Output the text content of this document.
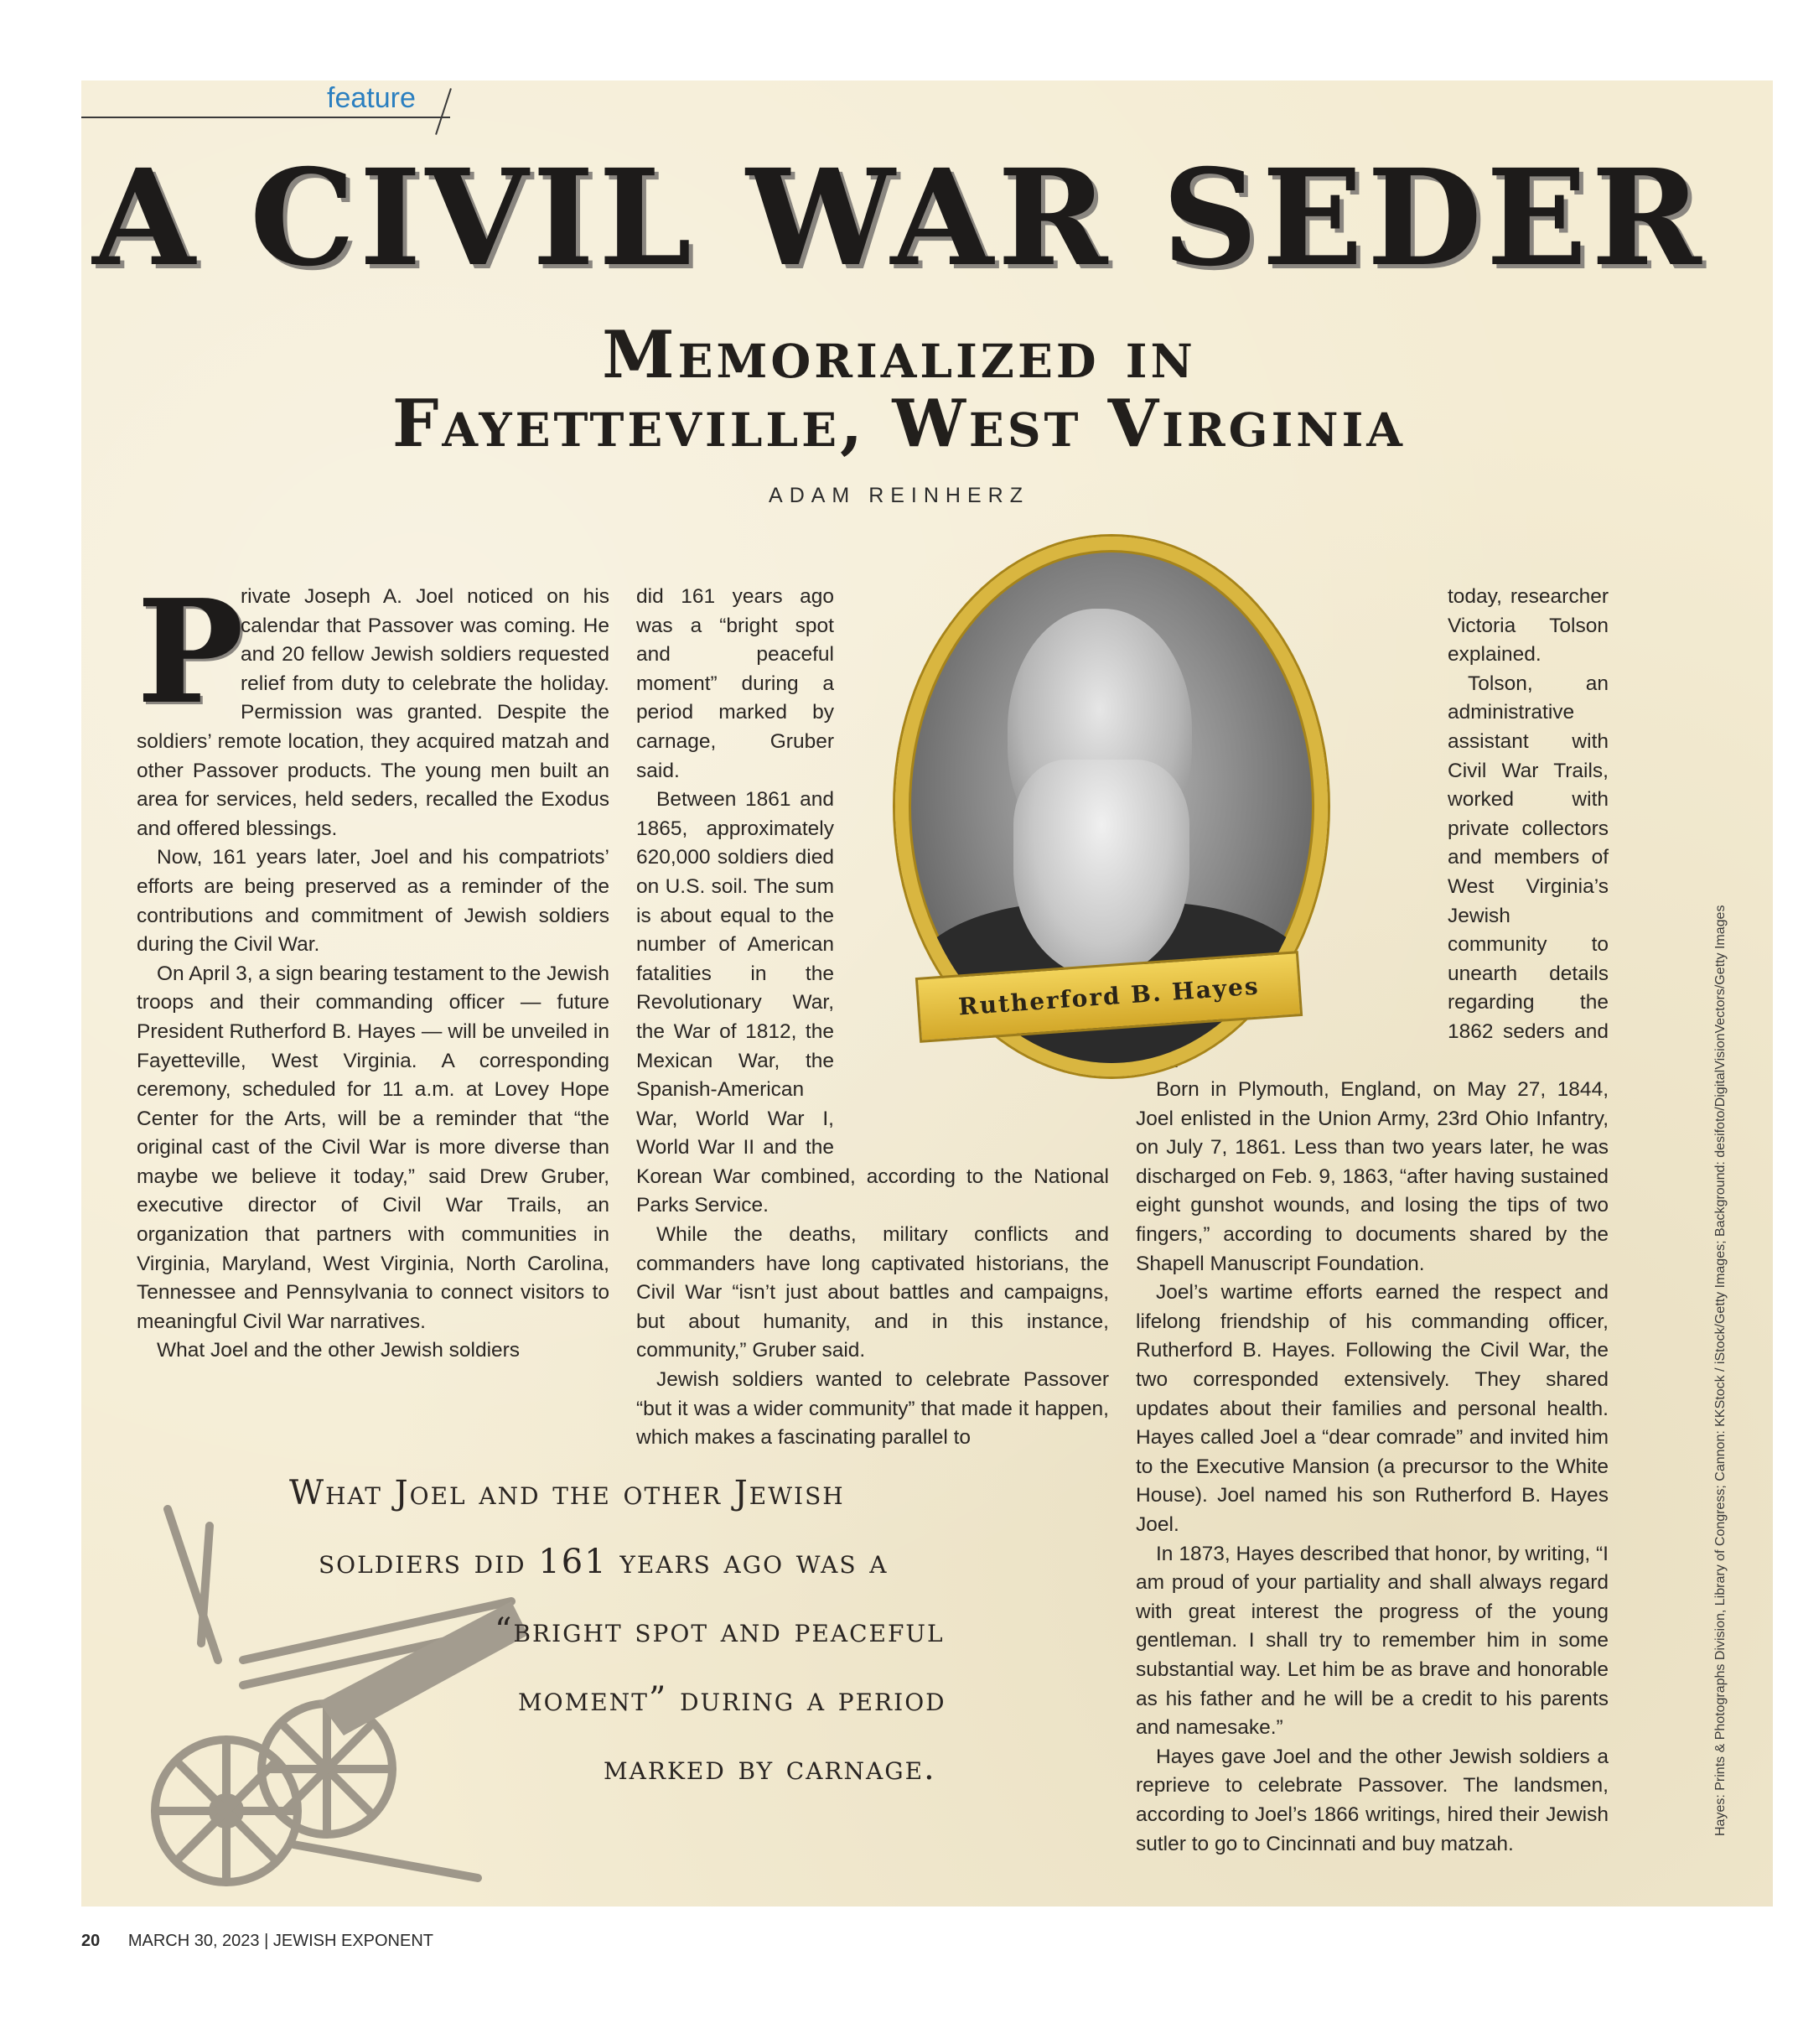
feature
A CIVIL WAR SEDER
Memorialized in
Fayetteville, West Virginia
ADAM REINHERZ

P
rivate Joseph A. Joel noticed on his calendar that Passover was coming. He and 20 fellow Jewish soldiers requested relief from duty to celebrate the holiday. Permission was granted. Despite the soldiers’ remote location, they acquired matzah and other Passover products. The young men built an area for services, held seders, recalled the Exodus and offered blessings.

Now, 161 years later, Joel and his compatriots’ efforts are being preserved as a reminder of the contributions and commitment of Jewish soldiers during the Civil War.

On April 3, a sign bearing testament to the Jewish troops and their commanding officer — future President Rutherford B. Hayes — will be unveiled in Fayetteville, West Virginia. A corresponding ceremony, scheduled for 11 a.m. at Lovey Hope Center for the Arts, will be a reminder that “the original cast of the Civil War is more diverse than maybe we believe it today,” said Drew Gruber, executive director of Civil War Trails, an organization that partners with communities in Virginia, Maryland, West Virginia, North Carolina, Tennessee and Pennsylvania to connect visitors to meaningful Civil War narratives.

What Joel and the other Jewish soldiers

did 161 years ago was a “bright spot and peaceful moment” during a period marked by carnage, Gruber said.

Between 1861 and 1865, approximately 620,000 soldiers died on U.S. soil. The sum is about equal to the number of American fatalities in the Revolutionary War, the War of 1812, the Mexican War, the Spanish-American War, World War I, World War II and the Korean War combined, according to the National Parks Service.

While the deaths, military conflicts and commanders have long captivated historians, the Civil War “isn’t just about battles and campaigns, but about humanity, and in this instance, community,” Gruber said.

Jewish soldiers wanted to celebrate Passover “but it was a wider community” that made it happen, which makes a fascinating parallel to

today, researcher Victoria Tolson explained.

Tolson, an administrative assistant with Civil War Trails, worked with private collectors and members of West Virginia’s Jewish community to unearth details regarding the 1862 seders and

Born in Plymouth, England, on May 27, 1844, Joel enlisted in the Union Army, 23rd Ohio Infantry, on July 7, 1861. Less than two years later, he was discharged on Feb. 9, 1863, “after having sustained eight gunshot wounds, and losing the tips of two fingers,” according to documents shared by the Shapell Manuscript Foundation.

Joel’s wartime efforts earned the respect and lifelong friendship of his commanding officer, Rutherford B. Hayes. Following the Civil War, the two corresponded extensively. They shared updates about their families and personal health. Hayes called Joel a “dear comrade” and invited him to the Executive Mansion (a precursor to the White House). Joel named his son Rutherford B. Hayes Joel.

In 1873, Hayes described that honor, by writing, “I am proud of your partiality and shall always regard with great interest the progress of the young gentleman. I shall try to remember him in some substantial way. Let him be as brave and honorable as his father and he will be a credit to his parents and namesake.”

Hayes gave Joel and the other Jewish soldiers a reprieve to celebrate Passover. The landsmen, according to Joel’s 1866 writings, hired their Jewish sutler to go to Cincinnati and buy matzah.

Rutherford B. Hayes
What Joel and the other Jewish
soldiers did 161 years ago was a
“bright spot and peaceful
moment” during a period
marked by carnage.
20 MARCH 30, 2023 | JEWISH EXPONENT
Hayes: Prints & Photographs Division, Library of Congress; Cannon: KKStock / iStock/Getty Images; Background: desifoto/DigitalVisionVectors/Getty Images
